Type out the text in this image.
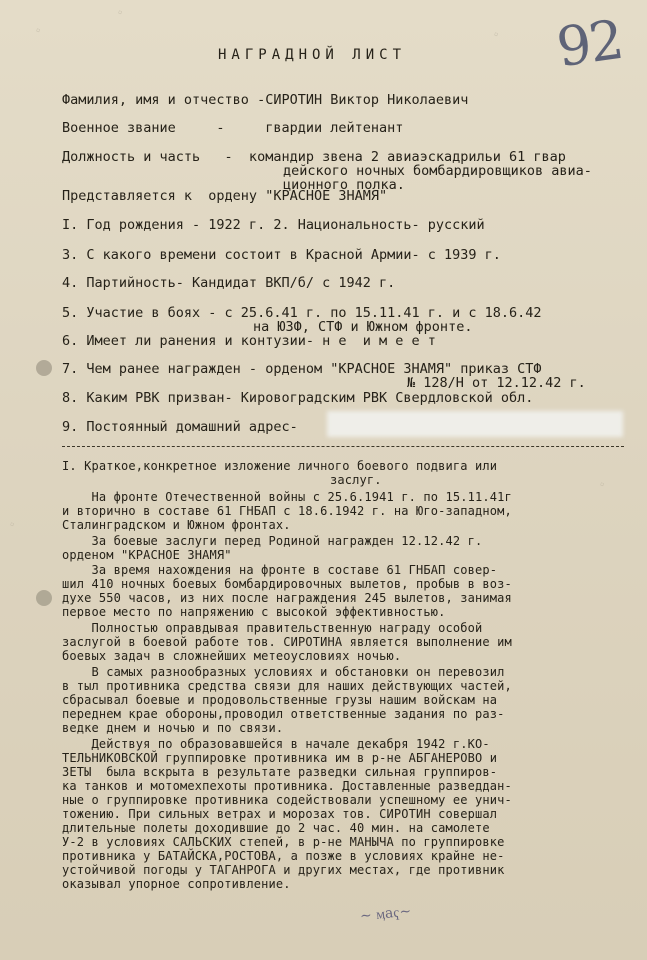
◇
◇
◇
◇
◇
92
НАГРАДНОЙ ЛИСТ
Фамилия, имя и отчество -СИРОТИН Виктор Николаевич
Военное звание     -     гвардии лейтенант
Должность и часть   -  командир звена 2 авиаэскадрильи 61 гвар
дейского ночных бомбардировщиков авиа-
ционного полка.
Представляется к  ордену "КРАСНОЕ ЗНАМЯ"
I. Год рождения - 1922 г. 2. Национальность- русский
3. С какого времени состоит в Красной Армии- с 1939 г.
4. Партийность- Кандидат ВКП/б/ с 1942 г.
5. Участие в боях - с 25.6.41 г. по 15.11.41 г. и с 18.6.42
на ЮЗФ, СТФ и Южном фронте.
6. Имеет ли ранения и контузии- н е  и м е е т
7. Чем ранее награжден - орденом "КРАСНОЕ ЗНАМЯ" приказ СТФ
№ 128/Н от 12.12.42 г.
8. Каким РВК призван- Кировоградским РВК Свердловской обл.
9. Постоянный домашний адрес-
I. Краткое,конкретное изложение личного боевого подвига или
заслуг.
На фронте Отечественной войны с 25.6.1941 г. по 15.11.41г
и вторично в составе 61 ГНБАП с 18.6.1942 г. на Юго-западном,
Сталинградском и Южном фронтах.
За боевые заслуги перед Родиной награжден 12.12.42 г.
орденом "КРАСНОЕ ЗНАМЯ"
За время нахождения на фронте в составе 61 ГНБАП совер-
шил 410 ночных боевых бомбардировочных вылетов, пробыв в воз-
духе 550 часов, из них после награждения 245 вылетов, занимая
первое место по напряжению с высокой эффективностью.
Полностью оправдывая правительственную награду особой
заслугой в боевой работе тов. СИРОТИНА является выполнение им
боевых задач в сложнейших метеоусловиях ночью.
В самых разнообразных условиях и обстановки он перевозил
в тыл противника средства связи для наших действующих частей,
сбрасывал боевые и продовольственные грузы нашим войскам на
переднем крае обороны,проводил ответственные задания по раз-
ведке днем и ночью и по связи.
Действуя по образовавшейся в начале декабря 1942 г.КО-
ТЕЛЬНИКОВСКОЙ группировке противника им в р-не АБГАНЕРОВО и
ЗЕТЫ  была вскрыта в результате разведки сильная группиров-
ка танков и мотомехпехоты противника. Доставленные разведдан-
ные о группировке противника содействовали успешному ее унич-
тожению. При сильных ветрах и морозах тов. СИРОТИН совершал
длительные полеты доходившие до 2 час. 40 мин. на самолете
У-2 в условиях САЛЬСКИХ степей, в р-не МАНЫЧА по группировке
противника у БАТАЙСКА,РОСТОВА, а позже в условиях крайне не-
устойчивой погоды у ТАГАНРОГА и других местах, где противник
оказывал упорное сопротивление.
~ ӎаҁ~
